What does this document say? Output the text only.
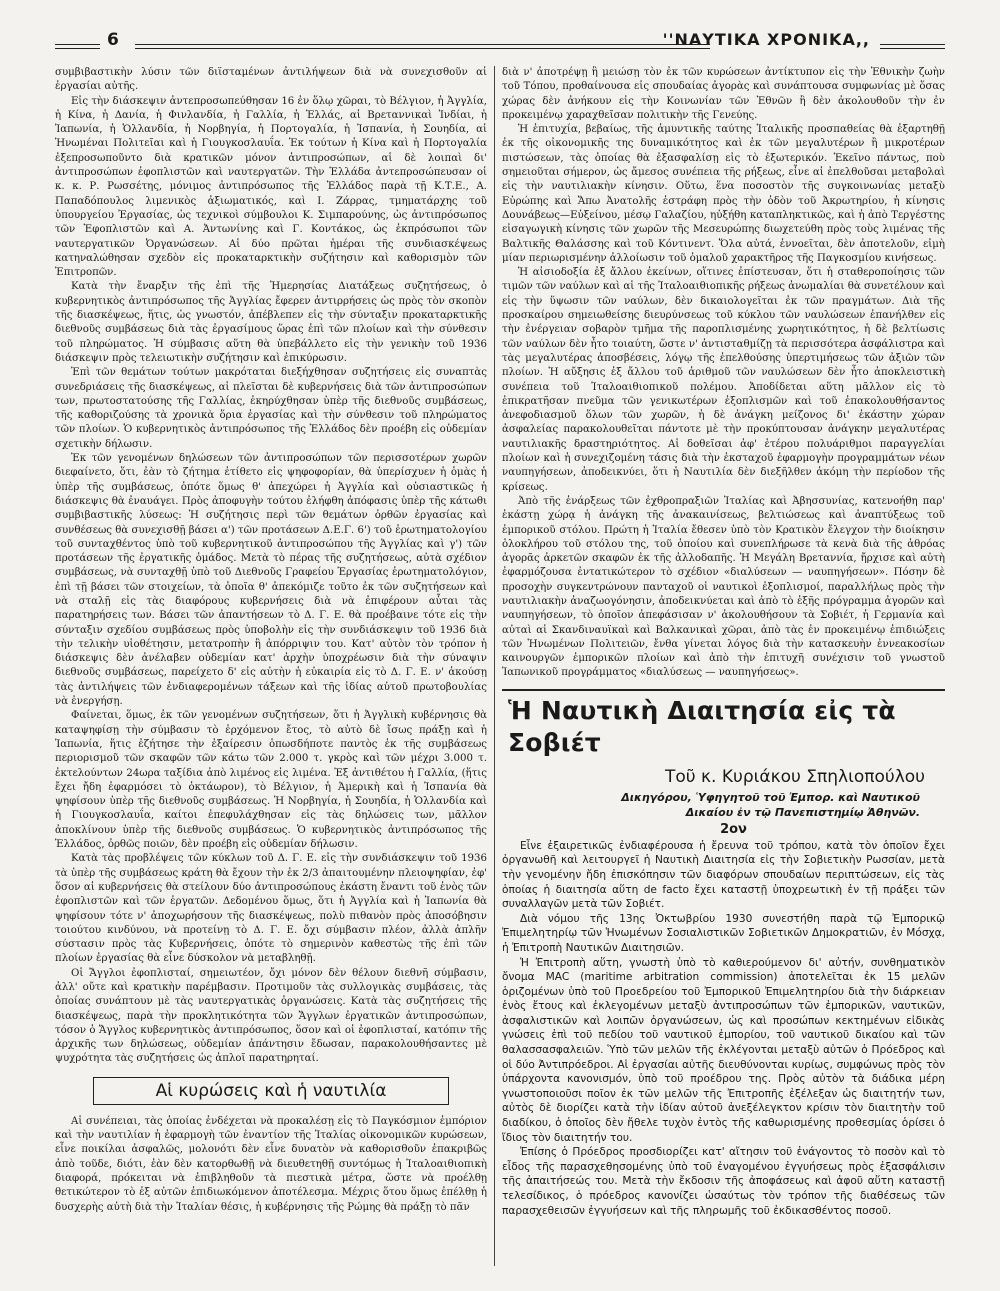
6	''ΝΑΥΤΙΚΑ ΧΡΟΝΙΚΑ,,

συμβιβαστικὴν λύσιν τῶν διϊσταμένων ἀντιλήψεων διὰ νὰ συνεχισθοῦν αἱ ἐργασίαι αὐτῆς.

Εἰς τὴν διάσκεψιν ἀντεπροσωπεύθησαν 16 ἐν ὅλῳ χῶραι, τὸ Βέλγιον, ἡ Ἀγγλία, ἡ Κίνα, ἡ Δανία, ἡ Φινλανδία, ἡ Γαλλία, ἡ Ἑλλάς, αἱ Βρεταννικαὶ Ἰνδίαι, ἡ Ἰαπωνία, ἡ Ὁλλανδία, ἡ Νορβηγία, ἡ Πορτογαλία, ἡ Ἰσπανία, ἡ Σουηδία, αἱ Ἡνωμέναι Πολιτεῖαι καὶ ἡ Γιουγκοσλαυΐα. Ἐκ τούτων ἡ Κίνα καὶ ἡ Πορτογαλία ἐξεπροσωποῦντο διὰ κρατικῶν μόνον ἀντιπροσώπων, αἱ δὲ λοιπαὶ δι' ἀντιπροσώπων ἐφοπλιστῶν καὶ ναυτεργατῶν. Τὴν Ἑλλάδα ἀντεπροσώπευσαν οἱ κ. κ. Ρ. Ρωσσέτης, μόνιμος ἀντιπρόσωπος τῆς Ἑλλάδος παρὰ τῇ Κ.Τ.Ε., Α. Παπαδόπουλος λιμενικὸς ἀξιωματικός, καὶ Ι. Ζάρρας, τμηματάρχης τοῦ ὑπουργείου Ἐργασίας, ὡς τεχνικοὶ σύμβουλοι Κ. Σιμπαρούνης, ὡς ἀντιπρόσωπος τῶν Ἐφοπλιστῶν καὶ Α. Ἀντωνίνης καὶ Γ. Κοντάκος, ὡς ἐκπρόσωποι τῶν ναυτεργατικῶν Ὀργανώσεων. Αἱ δύο πρῶται ἡμέραι τῆς συνδιασκέψεως κατηναλώθησαν σχεδὸν εἰς προκαταρκτικὴν συζήτησιν καὶ καθορισμὸν τῶν Ἐπιτροπῶν.

Κατὰ τὴν ἔναρξιν τῆς ἐπὶ τῆς Ἡμερησίας Διατάξεως συζητήσεως, ὁ κυβερνητικὸς ἀντιπρόσωπος τῆς Ἀγγλίας ἔφερεν ἀντιρρήσεις ὡς πρὸς τὸν σκοπὸν τῆς διασκέψεως, ἥτις, ὡς γνωστόν, ἀπέβλεπεν εἰς τὴν σύνταξιν προκαταρκτικῆς διεθνοῦς συμβάσεως διὰ τὰς ἐργασίμους ὥρας ἐπὶ τῶν πλοίων καὶ τὴν σύνθεσιν τοῦ πληρώματος. Ἡ σύμβασις αὕτη θὰ ὑπεβάλλετο εἰς τὴν γενικὴν τοῦ 1936 διάσκεψιν πρὸς τελειωτικὴν συζήτησιν καὶ ἐπικύρωσιν.

Ἐπὶ τῶν θεμάτων τούτων μακρόταται διεξήχθησαν συζητήσεις εἰς συναπτὰς συνεδριάσεις τῆς διασκέψεως, αἱ πλεῖσται δὲ κυβερνήσεις διὰ τῶν ἀντιπροσώπων των, πρωτοστατούσης τῆς Γαλλίας, ἐκηρύχθησαν ὑπὲρ τῆς διεθνοῦς συμβάσεως, τῆς καθοριζούσης τὰ χρονικὰ ὅρια ἐργασίας καὶ τὴν σύνθεσιν τοῦ πληρώματος τῶν πλοίων. Ὁ κυβερνητικὸς ἀντιπρόσωπος τῆς Ἑλλάδος δὲν προέβη εἰς οὐδεμίαν σχετικὴν δήλωσιν.

Ἐκ τῶν γενομένων δηλώσεων τῶν ἀντιπροσώπων τῶν περισσοτέρων χωρῶν διεφαίνετο, ὅτι, ἐὰν τὸ ζήτημα ἐτίθετο εἰς ψηφοφορίαν, θὰ ὑπερίσχυεν ἡ ὁμὰς ἡ ὑπὲρ τῆς συμβάσεως, ὁπότε ὅμως θ' ἀπεχώρει ἡ Ἀγγλία καὶ οὐσιαστικῶς ἡ διάσκεψις θὰ ἐναυάγει. Πρὸς ἀποφυγὴν τούτου ἐλήφθη ἀπόφασις ὑπὲρ τῆς κάτωθι συμβιβαστικῆς λύσεως: Ἡ συζήτησις περὶ τῶν θεμάτων ὀρθῶν ἐργασίας καὶ συνθέσεως θὰ συνεχισθῇ βάσει α') τῶν προτάσεων Δ.Ε.Γ. 6') τοῦ ἐρωτηματολογίου τοῦ συνταχθέντος ὑπὸ τοῦ κυβερνητικοῦ ἀντιπροσώπου τῆς Ἀγγλίας καὶ γ') τῶν προτάσεων τῆς ἐργατικῆς ὁμάδος. Μετὰ τὸ πέρας τῆς συζητήσεως, αὐτὰ σχέδιον συμβάσεως, νὰ συνταχθῇ ὑπὸ τοῦ Διεθνοῦς Γραφείου Ἐργασίας ἐρωτηματολόγιον, ἐπὶ τῇ βάσει τῶν στοιχείων, τὰ ὁποῖα θ' ἀπεκόμιζε τοῦτο ἐκ τῶν συζητήσεων καὶ νὰ σταλῇ εἰς τὰς διαφόρους κυβερνήσεις διὰ νὰ ἐπιφέρουν αὗται τὰς παρατηρήσεις των. Βάσει τῶν ἀπαντήσεων τὸ Δ. Γ. Ε. θὰ προέβαινε τότε εἰς τὴν σύνταξιν σχεδίου συμβάσεως πρὸς ὑποβολὴν εἰς τὴν συνδιάσκεψιν τοῦ 1936 διὰ τὴν τελικὴν υἱοθέτησιν, μετατροπὴν ἢ ἀπόρριψιν του. Κατ' αὐτὸν τὸν τρόπον ἡ διάσκεψις δὲν ἀνέλαβεν οὐδεμίαν κατ' ἀρχὴν ὑποχρέωσιν διὰ τὴν σύναψιν διεθνοῦς συμβάσεως, παρείχετο δ' εἰς αὐτὴν ἡ εὐκαιρία εἰς τὸ Δ. Γ. Ε. ν' ἀκούσῃ τὰς ἀντιλήψεις τῶν ἐνδιαφερομένων τάξεων καὶ τῆς ἰδίας αὐτοῦ πρωτοβουλίας νὰ ἐνεργήσῃ.

Φαίνεται, ὅμως, ἐκ τῶν γενομένων συζητήσεων, ὅτι ἡ Ἀγγλικὴ κυβέρνησις θὰ καταψηφίσῃ τὴν σύμβασιν τὸ ἐρχόμενον ἔτος, τὸ αὐτὸ δὲ ἴσως πράξῃ καὶ ἡ Ἰαπωνία, ἥτις ἐζήτησε τὴν ἐξαίρεσιν ὁπωσδήποτε παντὸς ἐκ τῆς συμβάσεως περιορισμοῦ τῶν σκαφῶν τῶν κάτω τῶν 2.000 τ. γκρὸς καὶ τῶν μέχρι 3.000 τ. ἐκτελούντων 24ωρα ταξίδια ἀπὸ λιμένος εἰς λιμένα. Ἐξ ἀντιθέτου ἡ Γαλλία, (ἥτις ἔχει ἤδη ἐφαρμόσει τὸ ὀκτάωρον), τὸ Βέλγιον, ἡ Ἀμερικὴ καὶ ἡ Ἰσπανία θὰ ψηφίσουν ὑπὲρ τῆς διεθνοῦς συμβάσεως. Ἡ Νορβηγία, ἡ Σουηδία, ἡ Ὁλλανδία καὶ ἡ Γιουγκοσλαυΐα, καίτοι ἐπεφυλάχθησαν εἰς τὰς δηλώσεις των, μᾶλλον ἀποκλίνουν ὑπὲρ τῆς διεθνοῦς συμβάσεως. Ὁ κυβερνητικὸς ἀντιπρόσωπος τῆς Ἑλλάδος, ὀρθῶς ποιῶν, δὲν προέβη εἰς οὐδεμίαν δήλωσιν.

Κατὰ τὰς προβλέψεις τῶν κύκλων τοῦ Δ. Γ. Ε. εἰς τὴν συνδιάσκεψιν τοῦ 1936 τὰ ὑπὲρ τῆς συμβάσεως κράτη θὰ ἔχουν τὴν ἐκ 2/3 ἀπαιτουμένην πλειοψηφίαν, ἐφ' ὅσον αἱ κυβερνήσεις θὰ στείλουν δύο ἀντιπροσώπους ἐκάστη ἔναντι τοῦ ἑνὸς τῶν ἐφοπλιστῶν καὶ τῶν ἐργατῶν. Δεδομένου ὅμως, ὅτι ἡ Ἀγγλία καὶ ἡ Ἰαπωνία θὰ ψηφίσουν τότε ν' ἀποχωρήσουν τῆς διασκέψεως, πολὺ πιθανὸν πρὸς ἀποσόβησιν τοιούτου κινδύνου, νὰ προτείνῃ τὸ Δ. Γ. Ε. ὄχι σύμβασιν πλέον, ἀλλὰ ἁπλῆν σύστασιν πρὸς τὰς Κυβερνήσεις, ὁπότε τὸ σημερινὸν καθεστὼς τῆς ἐπὶ τῶν πλοίων ἐργασίας θὰ εἶνε δύσκολον νὰ μεταβληθῇ.

Οἱ Ἄγγλοι ἐφοπλισταί, σημειωτέον, ὄχι μόνον δὲν θέλουν διεθνῆ σύμβασιν, ἀλλ' οὔτε καὶ κρατικὴν παρέμβασιν. Προτιμοῦν τὰς συλλογικὰς συμβάσεις, τὰς ὁποίας συνάπτουν μὲ τὰς ναυτεργατικὰς ὀργανώσεις. Κατὰ τὰς συζητήσεις τῆς διασκέψεως, παρὰ τὴν προκλητικότητα τῶν Ἄγγλων ἐργατικῶν ἀντιπροσώπων, τόσον ὁ Ἄγγλος κυβερνητικὸς ἀντιπρόσωπος, ὅσον καὶ οἱ ἐφοπλισταί, κατόπιν τῆς ἀρχικῆς των δηλώσεως, οὐδεμίαν ἀπάντησιν ἔδωσαν, παρακολουθήσαντες μὲ ψυχρότητα τὰς συζητήσεις ὡς ἁπλοῖ παρατηρηταί.

Αἱ κυρώσεις καὶ ἡ ναυτιλία

Αἱ συνέπειαι, τὰς ὁποίας ἐνδέχεται νὰ προκαλέσῃ εἰς τὸ Παγκόσμιον ἐμπόριον καὶ τὴν ναυτιλίαν ἡ ἐφαρμογὴ τῶν ἐναντίον τῆς Ἰταλίας οἰκονομικῶν κυρώσεων, εἶνε ποικίλαι ἀσφαλῶς, μολονότι δὲν εἶνε δυνατὸν νὰ καθορισθοῦν ἐπακριβῶς ἀπὸ τοῦδε, διότι, ἐὰν δὲν κατορθωθῇ νὰ διευθετηθῇ συντόμως ἡ Ἰταλοαιθιοπικὴ διαφορά, πρόκειται νὰ ἐπιβληθοῦν τὰ πιεστικὰ μέτρα, ὥστε νὰ προέλθῃ θετικώτερον τὸ ἐξ αὐτῶν ἐπιδιωκόμενον ἀποτέλεσμα. Μέχρις ὅτου ὅμως ἐπέλθῃ ἡ δυσχερὴς αὐτὴ διὰ τὴν Ἰταλίαν θέσις, ἡ κυβέρνησις τῆς Ρώμης θὰ πράξῃ τὸ πᾶν

διὰ ν' ἀποτρέψῃ ἢ μειώσῃ τὸν ἐκ τῶν κυρώσεων ἀντίκτυπον εἰς τὴν Ἐθνικὴν ζωὴν τοῦ Τόπου, προθαίνουσα εἰς σπουδαίας ἀγορὰς καὶ συνάπτουσα συμφωνίας μὲ ὅσας χώρας δὲν ἀνήκουν εἰς τὴν Κοινωνίαν τῶν Ἐθνῶν ἢ δὲν ἀκολουθοῦν τὴν ἐν προκειμένῳ χαραχθεῖσαν πολιτικὴν τῆς Γενεύης.

Ἡ ἐπιτυχία, βεβαίως, τῆς ἀμυντικῆς ταύτης Ἰταλικῆς προσπαθείας θὰ ἐξαρτηθῇ ἐκ τῆς οἰκονομικῆς της δυναμικότητος καὶ ἐκ τῶν μεγαλυτέρων ἢ μικροτέρων πιστώσεων, τὰς ὁποίας θὰ ἐξασφαλίσῃ εἰς τὸ ἐξωτερικόν. Ἐκεῖνο πάντως, ποὺ σημειοῦται σήμερον, ὡς ἄμεσος συνέπεια τῆς ρήξεως, εἶνε αἱ ἐπελθοῦσαι μεταβολαὶ εἰς τὴν ναυτιλιακὴν κίνησιν. Οὕτω, ἕνα ποσοστὸν τῆς συγκοινωνίας μεταξὺ Εὐρώπης καὶ Ἄπω Ἀνατολῆς ἐστράφη πρὸς τὴν ὁδὸν τοῦ Ἀκρωτηρίου, ἡ κίνησις Δουνάβεως—Εὐξείνου, μέσῳ Γαλαζίου, ηὐξήθη καταπληκτικῶς, καὶ ἡ ἀπὸ Τεργέστης εἰσαγωγικὴ κίνησις τῶν χωρῶν τῆς Μεσευρώπης διωχετεύθη πρὸς τοὺς λιμένας τῆς Βαλτικῆς Θαλάσσης καὶ τοῦ Κόντινεντ. Ὅλα αὐτά, ἐννοεῖται, δὲν ἀποτελοῦν, εἰμὴ μίαν περιωρισμένην ἀλλοίωσιν τοῦ ὁμαλοῦ χαρακτῆρος τῆς Παγκοσμίου κινήσεως.

Ἡ αἰσιοδοξία ἐξ ἄλλου ἐκείνων, οἵτινες ἐπίστευσαν, ὅτι ἡ σταθεροποίησις τῶν τιμῶν τῶν ναύλων καὶ αἱ τῆς Ἰταλοαιθιοπικῆς ρήξεως ἀνωμαλίαι θὰ συνετέλουν καὶ εἰς τὴν ὕψωσιν τῶν ναύλων, δὲν δικαιολογεῖται ἐκ τῶν πραγμάτων. Διὰ τῆς προσκαίρου σημειωθείσης διευρύνσεως τοῦ κύκλου τῶν ναυλώσεων ἐπανήλθεν εἰς τὴν ἐνέργειαν σοβαρὸν τμῆμα τῆς παροπλισμένης χωρητικότητος, ἡ δὲ βελτίωσις τῶν ναύλων δὲν ἦτο τοιαύτη, ὥστε ν' ἀντισταθμίζῃ τὰ περισσότερα ἀσφάλιστρα καὶ τὰς μεγαλυτέρας ἀποσβέσεις, λόγῳ τῆς ἐπελθούσης ὑπερτιμήσεως τῶν ἀξιῶν τῶν πλοίων. Ἡ αὔξησις ἐξ ἄλλου τοῦ ἀριθμοῦ τῶν ναυλώσεων δὲν ἦτο ἀποκλειστικὴ συνέπεια τοῦ Ἰταλοαιθιοπικοῦ πολέμου. Ἀποδίδεται αὕτη μᾶλλον εἰς τὸ ἐπικρατῆσαν πνεῦμα τῶν γενικωτέρων ἐξοπλισμῶν καὶ τοῦ ἐπακολουθήσαντος ἀνεφοδιασμοῦ ὅλων τῶν χωρῶν, ἡ δὲ ἀνάγκη μείζονος δι' ἑκάστην χώραν ἀσφαλείας παρακολουθεῖται πάντοτε μὲ τὴν προκύπτουσαν ἀνάγκην μεγαλυτέρας ναυτιλιακῆς δραστηριότητος. Αἱ δοθεῖσαι ἀφ' ἑτέρου πολυάριθμοι παραγγελίαι πλοίων καὶ ἡ συνεχιζομένη τάσις διὰ τὴν ἐκσταχοῦ ἐφαρμογὴν προγραμμάτων νέων ναυπηγήσεων, ἀποδεικνύει, ὅτι ἡ Ναυτιλία δὲν διεξῆλθεν ἀκόμη τὴν περίοδον τῆς κρίσεως.

Ἀπὸ τῆς ἐνάρξεως τῶν ἐχθροπραξιῶν Ἰταλίας καὶ Ἀβησσυνίας, κατενοήθη παρ' ἑκάστῃ χώρᾳ ἡ ἀνάγκη τῆς ἀνακαινίσεως, βελτιώσεως καὶ ἀναπτύξεως τοῦ ἐμπορικοῦ στόλου. Πρώτη ἡ Ἰταλία ἔθεσεν ὑπὸ τὸν Κρατικὸν ἔλεγχον τὴν διοίκησιν ὁλοκλήρου τοῦ στόλου της, τοῦ ὁποίου καὶ συνεπλήρωσε τὰ κενὰ διὰ τῆς ἀθρόας ἀγορᾶς ἀρκετῶν σκαφῶν ἐκ τῆς ἀλλοδαπῆς. Ἡ Μεγάλη Βρεταννία, ἤρχισε καὶ αὐτὴ ἐφαρμόζουσα ἐντατικώτερον τὸ σχέδιον «διαλύσεων — ναυπηγήσεων». Πόσην δὲ προσοχὴν συγκεντρώνουν πανταχοῦ οἱ ναυτικοὶ ἐξοπλισμοί, παραλλήλως πρὸς τὴν ναυτιλιακὴν ἀναζωογόνησιν, ἀποδεικνύεται καὶ ἀπὸ τὸ ἑξῆς πρόγραμμα ἀγορῶν καὶ ναυπηγήσεων, τὸ ὁποῖον ἀπεφάσισαν ν' ἀκολουθήσουν τὰ Σοβιέτ, ἡ Γερμανία καὶ αὐταὶ αἱ Σκανδιναυϊκαὶ καὶ Βαλκανικαὶ χῶραι, ἀπὸ τὰς ἐν προκειμένῳ ἐπιδιώξεις τῶν Ἡνωμένων Πολιτειῶν, ἔνθα γίνεται λόγος διὰ τὴν κατασκευὴν ἐννεακοσίων καινουργῶν ἐμπορικῶν πλοίων καὶ ἀπὸ τὴν ἐπιτυχῆ συνέχισιν τοῦ γνωστοῦ Ἰαπωνικοῦ προγράμματος «διαλύσεως — ναυπηγήσεως».

Ἡ Ναυτικὴ Διαιτησία εἰς τὰ Σοβιέτ
Τοῦ κ. Κυριάκου Σπηλιοπούλου
Δικηγόρου, Ὑφηγητοῦ τοῦ Ἐμπορ. καὶ Ναυτικοῦ
Δικαίου ἐν τῷ Πανεπιστημίῳ Ἀθηνῶν.
2ον

Εἶνε ἐξαιρετικῶς ἐνδιαφέρουσα ἡ ἔρευνα τοῦ τρόπου, κατὰ τὸν ὁποῖον ἔχει ὀργανωθῆ καὶ λειτουργεῖ ἡ Ναυτικὴ Διαιτησία εἰς τὴν Σοβιετικὴν Ρωσσίαν, μετὰ τὴν γενομένην ἤδη ἐπισκόπησιν τῶν διαφόρων σπουδαίων περιπτώσεων, εἰς τὰς ὁποίας ἡ διαιτησία αὕτη de facto ἔχει καταστῇ ὑποχρεωτικὴ ἐν τῇ πράξει τῶν συναλλαγῶν μετὰ τῶν Σοβιέτ.

Διὰ νόμου τῆς 13ης Ὀκτωβρίου 1930 συνεστήθη παρὰ τῷ Ἐμπορικῷ Ἐπιμελητηρίῳ τῶν Ἡνωμένων Σοσιαλιστικῶν Σοβιετικῶν Δημοκρατιῶν, ἐν Μόσχᾳ, ἡ Ἐπιτροπὴ Ναυτικῶν Διαιτησιῶν.

Ἡ Ἐπιτροπὴ αὕτη, γνωστὴ ὑπὸ τὸ καθιερούμενον δι' αὐτήν, συνθηματικὸν ὄνομα MAC (maritime arbitration commission) ἀποτελεῖται ἐκ 15 μελῶν ὁριζομένων ὑπὸ τοῦ Προεδρείου τοῦ Ἐμπορικοῦ Ἐπιμελητηρίου διὰ τὴν διάρκειαν ἑνὸς ἔτους καὶ ἐκλεγομένων μεταξὺ ἀντιπροσώπων τῶν ἐμπορικῶν, ναυτικῶν, ἀσφαλιστικῶν καὶ λοιπῶν ὀργανώσεων, ὡς καὶ προσώπων κεκτημένων εἰδικὰς γνώσεις ἐπὶ τοῦ πεδίου τοῦ ναυτικοῦ ἐμπορίου, τοῦ ναυτικοῦ δικαίου καὶ τῶν θαλασσασφαλειῶν. Ὑπὸ τῶν μελῶν τῆς ἐκλέγονται μεταξὺ αὐτῶν ὁ Πρόεδρος καὶ οἱ δύο Ἀντιπρόεδροι. Αἱ ἐργασίαι αὐτῆς διευθύνονται κυρίως, συμφώνως πρὸς τὸν ὑπάρχοντα κανονισμόν, ὑπὸ τοῦ προέδρου της. Πρὸς αὐτὸν τὰ διάδικα μέρη γνωστοποιοῦσι ποῖον ἐκ τῶν μελῶν τῆς Ἐπιτροπῆς ἐξέλεξαν ὡς διαιτητήν των, αὐτὸς δὲ διορίζει κατὰ τὴν ἰδίαν αὐτοῦ ἀνεξέλεγκτον κρίσιν τὸν διαιτητὴν τοῦ διαδίκου, ὁ ὁποῖος δὲν ἤθελε τυχὸν ἐντὸς τῆς καθωρισμένης προθεσμίας ὁρίσει ὁ ἴδιος τὸν διαιτητήν του.

Ἐπίσης ὁ Πρόεδρος προσδιορίζει κατ' αἴτησιν τοῦ ἐνάγοντος τὸ ποσὸν καὶ τὸ εἶδος τῆς παρασχεθησομένης ὑπὸ τοῦ ἐναγομένου ἐγγυήσεως πρὸς ἐξασφάλισιν τῆς ἀπαιτήσεώς του. Μετὰ τὴν ἔκδοσιν τῆς ἀποφάσεως καὶ ἀφοῦ αὕτη καταστῇ τελεσίδικος, ὁ πρόεδρος κανονίζει ὡσαύτως τὸν τρόπον τῆς διαθέσεως τῶν παρασχεθεισῶν ἐγγυήσεων καὶ τῆς πληρωμῆς τοῦ ἐκδικασθέντος ποσοῦ.
